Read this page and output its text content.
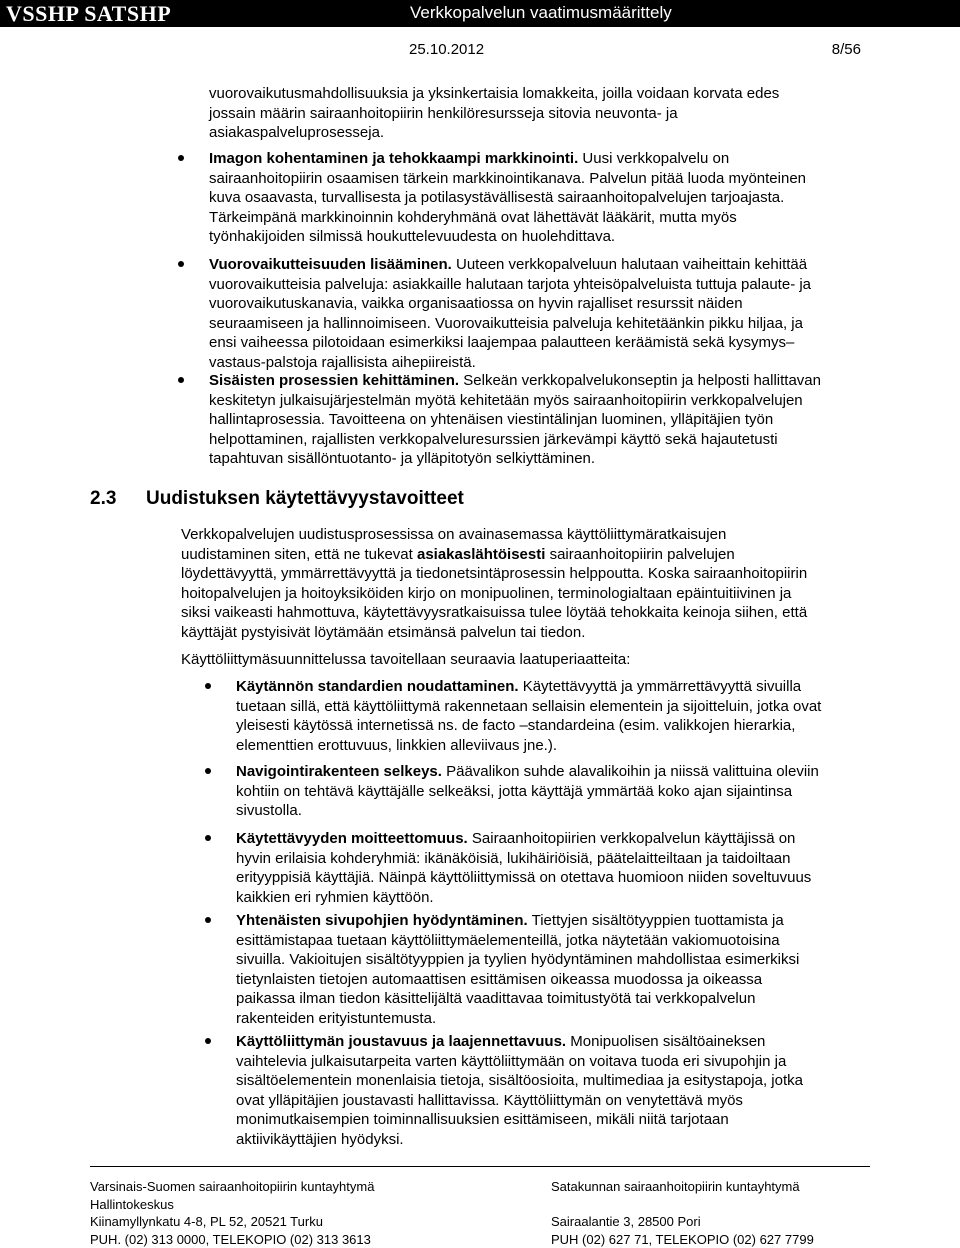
VSSHP SATSHP	Verkkopalvelun vaatimusmäärittely
25.10.2012	8/56

vuorovaikutusmahdollisuuksia ja yksinkertaisia lomakkeita, joilla voidaan korvata edes

jossain määrin sairaanhoitopiirin henkilöresursseja sitovia neuvonta- ja

asiakaspalveluprosesseja.

Imagon kohentaminen ja tehokkaampi markkinointi. Uusi verkkopalvelu on

sairaanhoitopiirin osaamisen tärkein markkinointikanava. Palvelun pitää luoda myönteinen

kuva osaavasta, turvallisesta ja potilasystävällisestä sairaanhoitopalvelujen tarjoajasta.

Tärkeimpänä markkinoinnin kohderyhmänä ovat lähettävät lääkärit, mutta myös

työnhakijoiden silmissä houkuttelevuudesta on huolehdittava.

Vuorovaikutteisuuden lisääminen. Uuteen verkkopalveluun halutaan vaiheittain kehittää

vuorovaikutteisia palveluja: asiakkaille halutaan tarjota yhteisöpalveluista tuttuja palaute- ja

vuorovaikutuskanavia, vaikka organisaatiossa on hyvin rajalliset resurssit näiden

seuraamiseen ja hallinnoimiseen. Vuorovaikutteisia palveluja kehitetäänkin pikku hiljaa, ja

ensi vaiheessa pilotoidaan esimerkiksi laajempaa palautteen keräämistä sekä kysymys–

vastaus-palstoja rajallisista aihepiireistä.

Sisäisten prosessien kehittäminen. Selkeän verkkopalvelukonseptin ja helposti hallittavan

keskitetyn julkaisujärjestelmän myötä kehitetään myös sairaanhoitopiirin verkkopalvelujen

hallintaprosessia. Tavoitteena on yhtenäisen viestintälinjan luominen, ylläpitäjien työn

helpottaminen, rajallisten verkkopalveluresurssien järkevämpi käyttö sekä hajautetusti

tapahtuvan sisällöntuotanto- ja ylläpitotyön selkiyttäminen.

2.3 Uudistuksen käytettävyystavoitteet

Verkkopalvelujen uudistusprosessissa on avainasemassa käyttöliittymäratkaisujen

uudistaminen siten, että ne tukevat asiakaslähtöisesti sairaanhoitopiirin palvelujen

löydettävyyttä, ymmärrettävyyttä ja tiedonetsintäprosessin helppoutta. Koska sairaanhoitopiirin

hoitopalvelujen ja hoitoyksiköiden kirjo on monipuolinen, terminologialtaan epäintuitiivinen ja

siksi vaikeasti hahmottuva, käytettävyysratkaisuissa tulee löytää tehokkaita keinoja siihen, että

käyttäjät pystyisivät löytämään etsimänsä palvelun tai tiedon.

Käyttöliittymäsuunnittelussa tavoitellaan seuraavia laatuperiaatteita:

Käytännön standardien noudattaminen. Käytettävyyttä ja ymmärrettävyyttä sivuilla

tuetaan sillä, että käyttöliittymä rakennetaan sellaisin elementein ja sijoitteluin, jotka ovat

yleisesti käytössä internetissä ns. de facto –standardeina (esim. valikkojen hierarkia,

elementtien erottuvuus, linkkien alleviivaus jne.).

Navigointirakenteen selkeys. Päävalikon suhde alavalikoihin ja niissä valittuina oleviin

kohtiin on tehtävä käyttäjälle selkeäksi, jotta käyttäjä ymmärtää koko ajan sijaintinsa

sivustolla.

Käytettävyyden moitteettomuus. Sairaanhoitopiirien verkkopalvelun käyttäjissä on

hyvin erilaisia kohderyhmiä: ikänäköisiä, lukihäiriöisiä, päätelaitteiltaan ja taidoiltaan

erityyppisiä käyttäjiä. Näinpä käyttöliittymissä on otettava huomioon niiden soveltuvuus

kaikkien eri ryhmien käyttöön.

Yhtenäisten sivupohjien hyödyntäminen. Tiettyjen sisältötyyppien tuottamista ja

esittämistapaa tuetaan käyttöliittymäelementeillä, jotka näytetään vakiomuotoisina

sivuilla. Vakioitujen sisältötyyppien ja tyylien hyödyntäminen mahdollistaa esimerkiksi

tietynlaisten tietojen automaattisen esittämisen oikeassa muodossa ja oikeassa

paikassa ilman tiedon käsittelijältä vaadittavaa toimitustyötä tai verkkopalvelun

rakenteiden erityistuntemusta.

Käyttöliittymän joustavuus ja laajennettavuus. Monipuolisen sisältöaineksen

vaihtelevia julkaisutarpeita varten käyttöliittymään on voitava tuoda eri sivupohjin ja

sisältöelementein monenlaisia tietoja, sisältöosioita, multimediaa ja esitystapoja, jotka

ovat ylläpitäjien joustavasti hallittavissa. Käyttöliittymän on venytettävä myös

monimutkaisempien toiminnallisuuksien esittämiseen, mikäli niitä tarjotaan

aktiivikäyttäjien hyödyksi.

Varsinais-Suomen sairaanhoitopiirin kuntayhtymä
Hallintokeskus
Kiinamyllynkatu 4-8, PL 52, 20521 Turku
PUH. (02) 313 0000, TELEKOPIO (02) 313 3613
Satakunnan sairaanhoitopiirin kuntayhtymä
Sairaalantie 3, 28500 Pori
PUH (02) 627 71, TELEKOPIO (02) 627 7799
